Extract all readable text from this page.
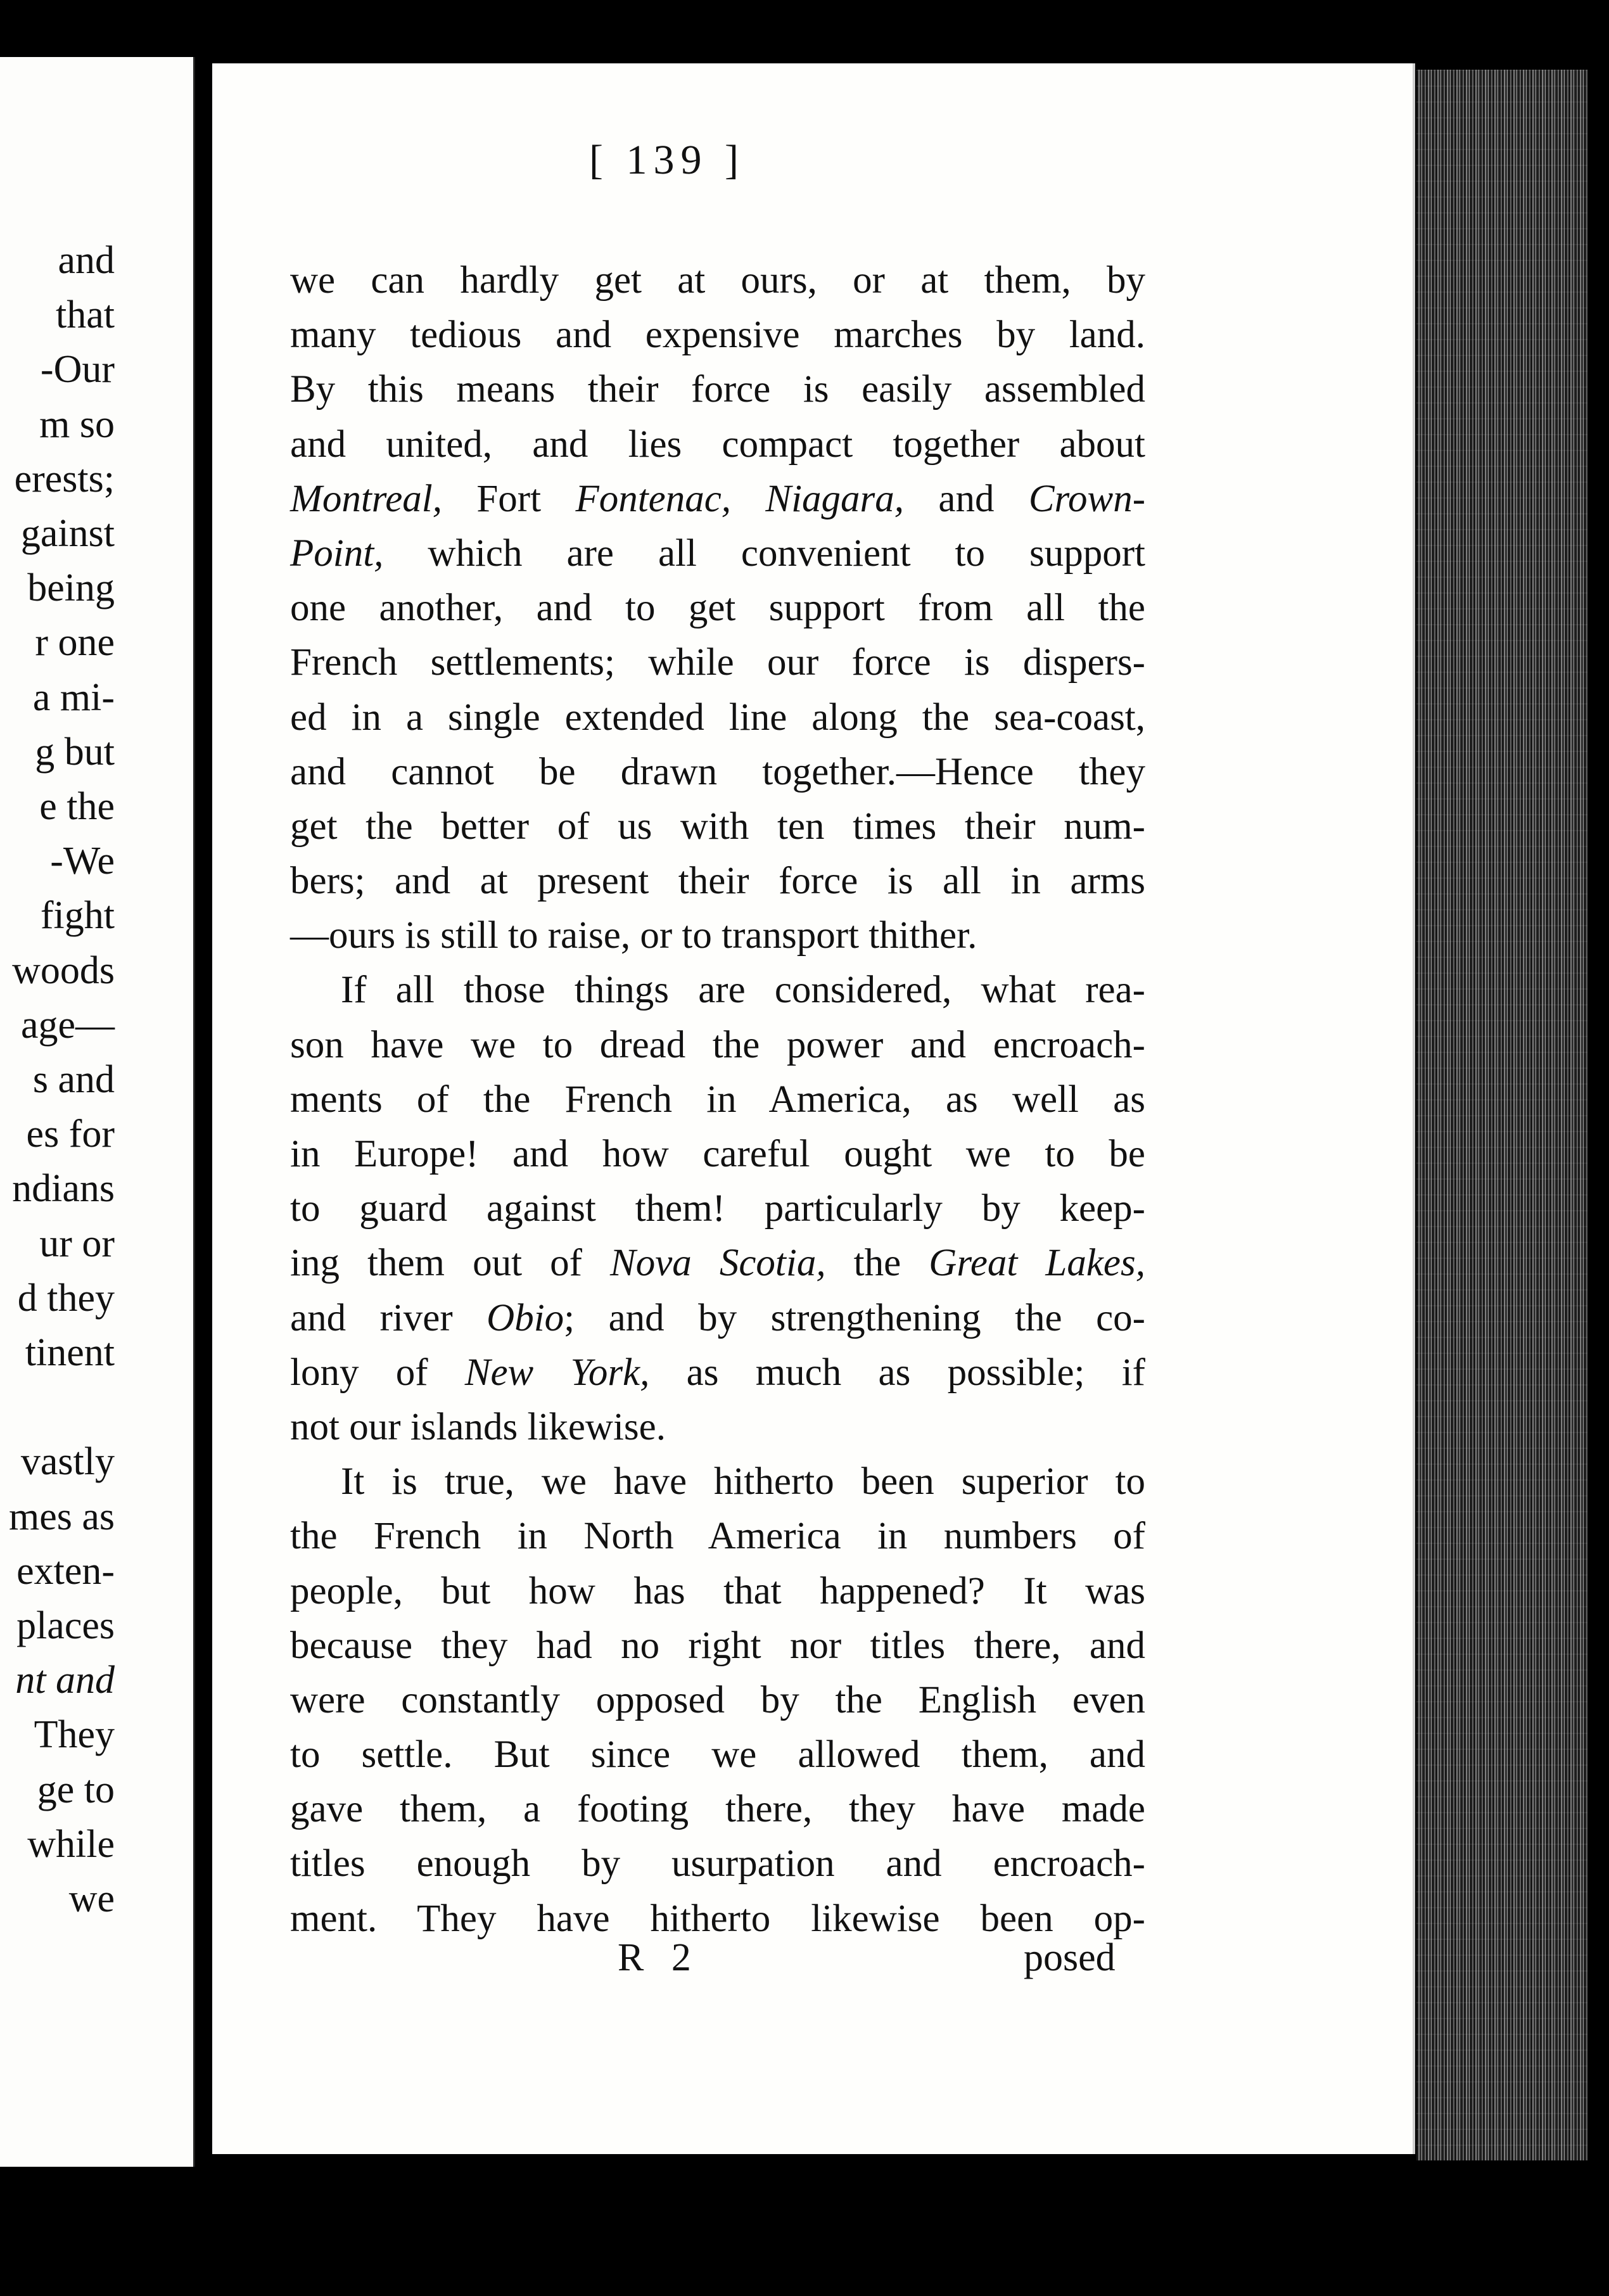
and
that
-Our
m so
erests;
gainst
being
r one
a mi-
g but
e the
-We
fight
woods
age—
s and
es for
ndians
ur or
d they
tinent
vastly
mes as
exten-
places
nt and
They
ge to
while
we
[ 139 ]
we can hardly get at ours, or at them, by
many tedious and expensive marches by land.
By this means their force is easily assembled
and united, and lies compact together about
Montreal, Fort Fontenac, Niagara, and Crown-
Point, which are all convenient to support
one another, and to get support from all the
French settlements; while our force is dispers-
ed in a single extended line along the sea-coast,
and cannot be drawn together.—Hence they
get the better of us with ten times their num-
bers; and at present their force is all in arms
—ours is still to raise, or to transport thither.
If all those things are considered, what rea-
son have we to dread the power and encroach-
ments of the French in America, as well as
in Europe! and how careful ought we to be
to guard against them! particularly by keep-
ing them out of Nova Scotia, the Great Lakes,
and river Obio; and by strengthening the co-
lony of New York, as much as possible; if
not our islands likewise.
It is true, we have hitherto been superior to
the French in North America in numbers of
people, but how has that happened? It was
because they had no right nor titles there, and
were constantly opposed by the English even
to settle. But since we allowed them, and
gave them, a footing there, they have made
titles enough by usurpation and encroach-
ment. They have hitherto likewise been op-
R 2	posed
